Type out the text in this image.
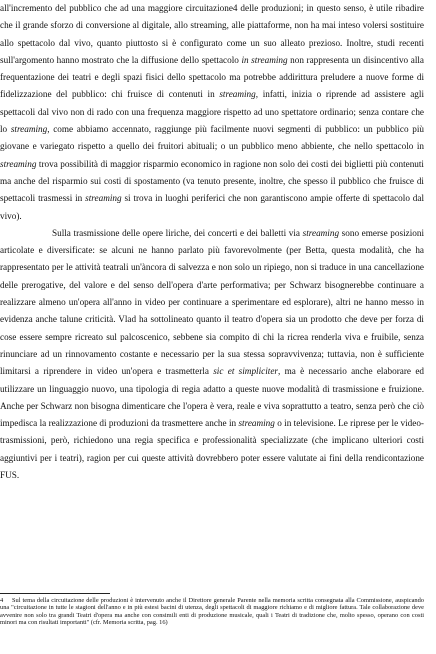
all'incremento del pubblico che ad una maggiore circuitazione4 delle produzioni; in questo senso, è utile ribadire che il grande sforzo di conversione al digitale, allo streaming, alle piattaforme, non ha mai inteso volersi sostituire allo spettacolo dal vivo, quanto piuttosto si è configurato come un suo alleato prezioso. Inoltre, studi recenti sull'argomento hanno mostrato che la diffusione dello spettacolo in streaming non rappresenta un disincentivo alla frequentazione dei teatri e degli spazi fisici dello spettacolo ma potrebbe addirittura preludere a nuove forme di fidelizzazione del pubblico: chi fruisce di contenuti in streaming, infatti, inizia o riprende ad assistere agli spettacoli dal vivo non di rado con una frequenza maggiore rispetto ad uno spettatore ordinario; senza contare che lo streaming, come abbiamo accennato, raggiunge più facilmente nuovi segmenti di pubblico: un pubblico più giovane e variegato rispetto a quello dei fruitori abituali; o un pubblico meno abbiente, che nello spettacolo in streaming trova possibilità di maggior risparmio economico in ragione non solo dei costi dei biglietti più contenuti ma anche del risparmio sui costi di spostamento (va tenuto presente, inoltre, che spesso il pubblico che fruisce di spettacoli trasmessi in streaming si trova in luoghi periferici che non garantiscono ampie offerte di spettacolo dal vivo).

Sulla trasmissione delle opere liriche, dei concerti e dei balletti via streaming sono emerse posizioni articolate e diversificate: se alcuni ne hanno parlato più favorevolmente (per Betta, questa modalità, che ha rappresentato per le attività teatrali un'àncora di salvezza e non solo un ripiego, non si traduce in una cancellazione delle prerogative, del valore e del senso dell'opera d'arte performativa; per Schwarz bisognerebbe continuare a realizzare almeno un'opera all'anno in video per continuare a sperimentare ed esplorare), altri ne hanno messo in evidenza anche talune criticità. Vlad ha sottolineato quanto il teatro d'opera sia un prodotto che deve per forza di cose essere sempre ricreato sul palcoscenico, sebbene sia compito di chi la ricrea renderla viva e fruibile, senza rinunciare ad un rinnovamento costante e necessario per la sua stessa sopravvivenza; tuttavia, non è sufficiente limitarsi a riprendere in video un'opera e trasmetterla sic et simpliciter, ma è necessario anche elaborare ed utilizzare un linguaggio nuovo, una tipologia di regia adatto a queste nuove modalità di trasmissione e fruizione. Anche per Schwarz non bisogna dimenticare che l'opera è vera, reale e viva soprattutto a teatro, senza però che ciò impedisca la realizzazione di produzioni da trasmettere anche in streaming o in televisione. Le riprese per le video-trasmissioni, però, richiedono una regia specifica e professionalità specializzate (che implicano ulteriori costi aggiuntivi per i teatri), ragion per cui queste attività dovrebbero poter essere valutate ai fini della rendicontazione FUS.

4 Sul tema della circuitazione delle produzioni è intervenuto anche il Direttore generale Parente nella memoria scritta consegnata alla Commissione, auspicando una "circuitazione in tutte le stagioni dell'anno e in più estesi bacini di utenza, degli spettacoli di maggiore richiamo e di migliore fattura. Tale collaborazione deve avvenire non solo tra grandi Teatri d'opera ma anche con consimili enti di produzione musicale, quali i Teatri di tradizione che, molto spesso, operano con costi minori ma con risultati importanti" (cfr. Memoria scritta, pag. 16)
